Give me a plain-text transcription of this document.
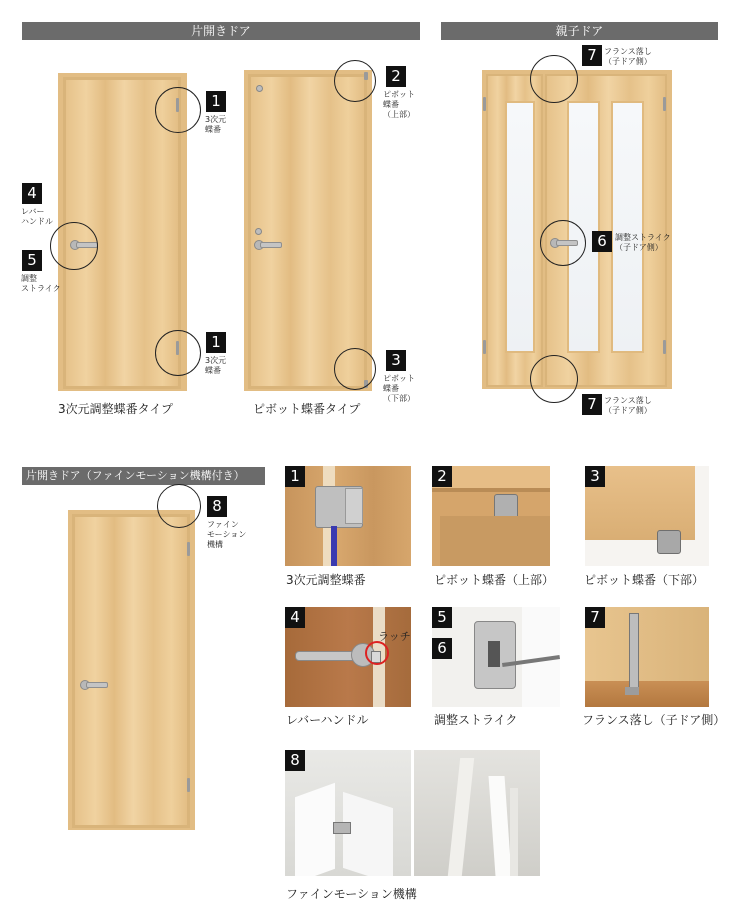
片開きドア	親子ドア
片開きドア（ファインモーション機構付き）
1
3次元
蝶番
1
3次元
蝶番
4
レバー
ハンドル
5
調整
ストライク
3次元調整蝶番タイプ
2
ピボット
蝶番
（上部）
3
ピボット
蝶番
（下部）
ピボット蝶番タイプ
7 フランス落し
（子ドア側）
6	調整ストライク
（子ドア側）
7 フランス落し
（子ドア側）
8
ファイン
モーション
機構
1
3次元調整蝶番
2
ピボット蝶番（上部）
3
ピボット蝶番（下部）
4
ラッチ
レバーハンドル
5
6
調整ストライク
7
フランス落し（子ドア側）
8
ファインモーション機構
